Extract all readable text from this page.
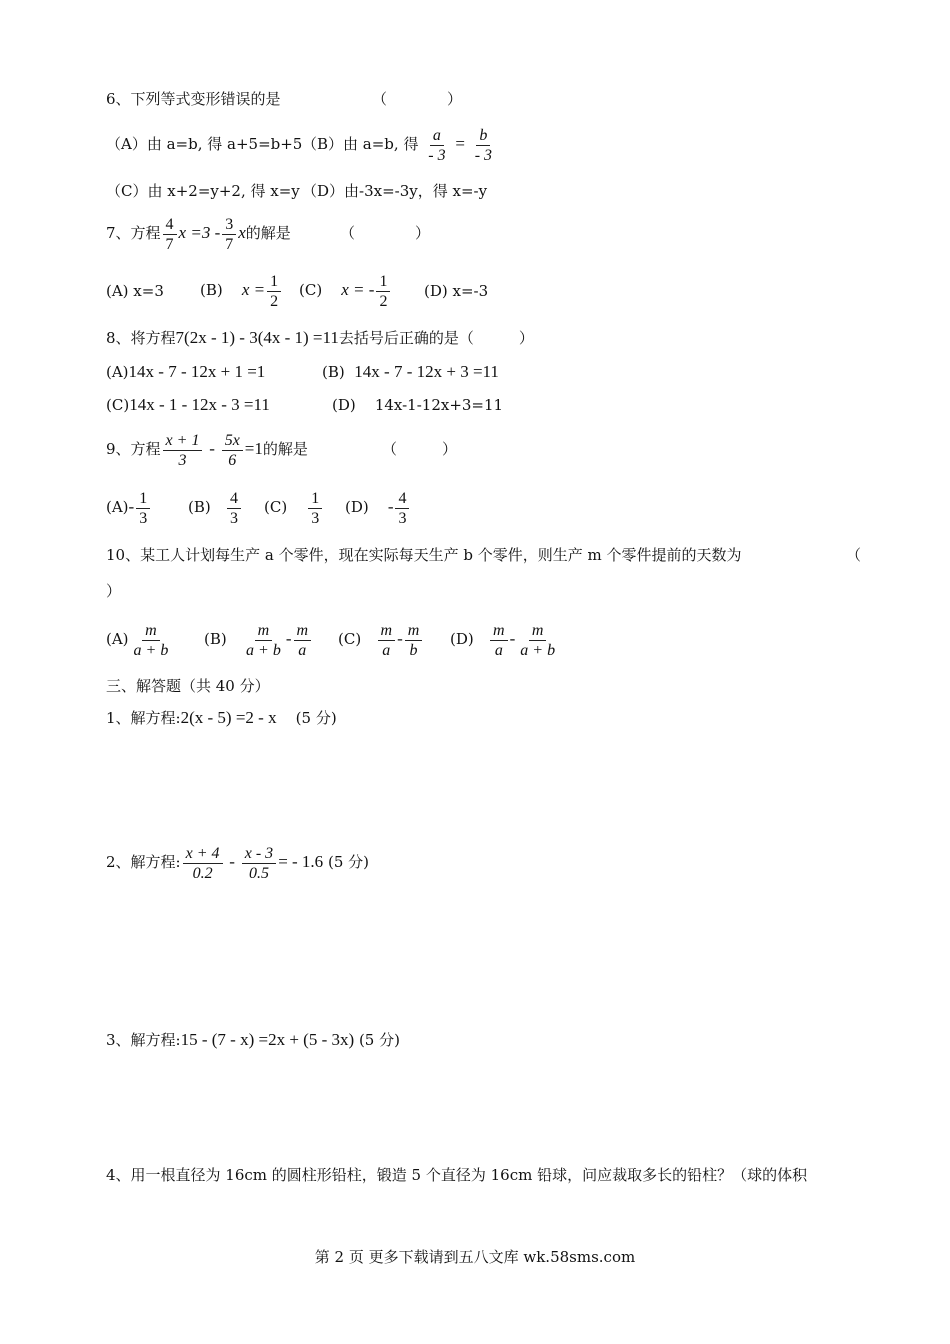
6、下列等式变形错误的是	（　　　　）
（A）由 a=b, 得 a+5=b+5 （B）由 a=b, 得 $\frac{a}{- 3} = \frac{b}{- 3}$
（C）由 x+2=y+2, 得 x=y （D）由-3x=-3y，得 x=-y
7、方程 $\frac{4}{7}$ $x =3 - \frac{3}{7}$ x的解是	（　　　　）
(A) x=3 (B) $x = \frac{1}{2} (C) x$ = - $\frac{1}{2} (D)$ x=-3
8、将方程7(2x - 1) - 3(4x - 1) =11去括号后正确的是（　　　）
(A)14x - 7 - 12x + 1 =1	(B) 14x - 7 - 12x + 3 =11
(C)14x - 1 - 12x - 3 =11	(D) 14x-1-12x+3=11
9、方程 $\frac{x + 1}{3} - \frac{5x}{6} =1$的解是	（　　　）
$(A)- \frac{1}{3}$	$(B) \frac{4}{3} (C) \frac{1}{3} (D) - \frac{4}{3}$
10、某工人计划每生产 a 个零件，现在实际每天生产 b 个零件，则生产 m 个零件提前的天数为	（
）
$(A) \frac{m}{a + b} (B) \frac{m}{a + b} - \frac{m}{a} (C) \frac{m}{a} - \frac{m}{b} (D) \frac{m}{a} - \frac{m}{a + b}$
三、解答题（共 40 分）
1、解方程:2(x - 5) =2 - x (5 分)
2、解方程: $\frac{x + 4}{0.2} - \frac{x - 3}{0.5}$ = - 1.6 (5 分)
3、解方程:15 - (7 - x) =2x + (5 - 3x) (5 分)
4、用一根直径为 16cm 的圆柱形铅柱，锻造 5 个直径为 16cm 铅球，问应裁取多长的铅柱？（球的体积
第 2 页 更多下载请到五八文库 wk.58sms.com
